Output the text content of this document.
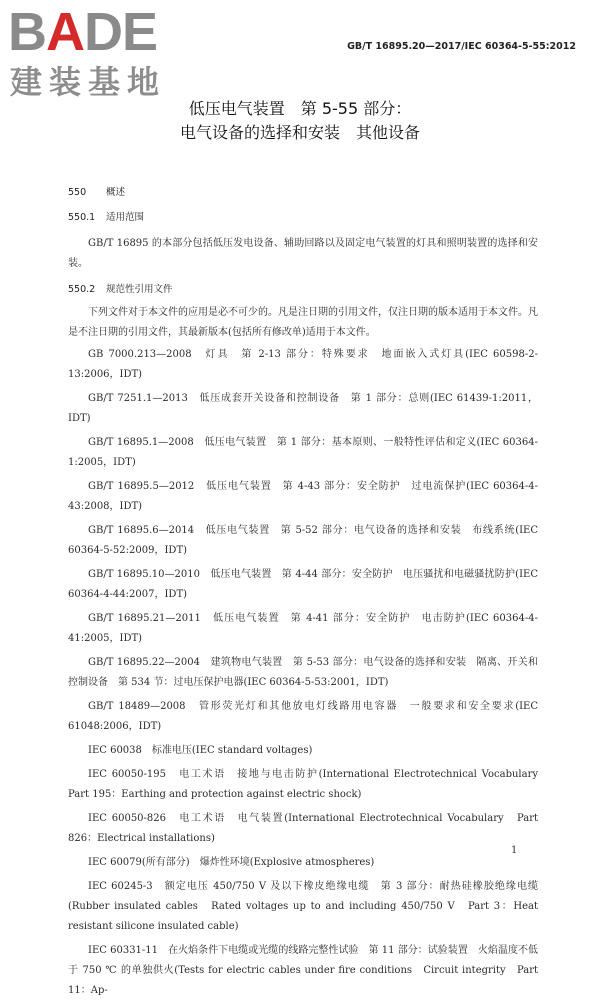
BADE
建装基地
GB/T 16895.20—2017/IEC 60364-5-55:2012
低压电气装置　第 5-55 部分：
电气设备的选择和安装　其他设备
550 概述
550.1 适用范围

GB/T 16895 的本部分包括低压发电设备、辅助回路以及固定电气装置的灯具和照明装置的选择和安装。

550.2 规范性引用文件

下列文件对于本文件的应用是必不可少的。凡是注日期的引用文件，仅注日期的版本适用于本文件。凡是不注日期的引用文件，其最新版本(包括所有修改单)适用于本文件。

GB 7000.213—2008　灯具　第 2-13 部分：特殊要求　地面嵌入式灯具(IEC 60598-2-13:2006，IDT)

GB/T 7251.1—2013　低压成套开关设备和控制设备　第 1 部分：总则(IEC 61439-1:2011，IDT)

GB/T 16895.1—2008　低压电气装置　第 1 部分：基本原则、一般特性评估和定义(IEC 60364-1:2005，IDT)

GB/T 16895.5—2012　低压电气装置　第 4-43 部分：安全防护　过电流保护(IEC 60364-4-43:2008，IDT)

GB/T 16895.6—2014　低压电气装置　第 5-52 部分：电气设备的选择和安装　布线系统(IEC 60364-5-52:2009，IDT)

GB/T 16895.10—2010　低压电气装置　第 4-44 部分：安全防护　电压骚扰和电磁骚扰防护(IEC 60364-4-44:2007，IDT)

GB/T 16895.21—2011　低压电气装置　第 4-41 部分：安全防护　电击防护(IEC 60364-4-41:2005，IDT)

GB/T 16895.22—2004　建筑物电气装置　第 5-53 部分：电气设备的选择和安装　隔离、开关和控制设备　第 534 节：过电压保护电器(IEC 60364-5-53:2001，IDT)

GB/T 18489—2008　管形荧光灯和其他放电灯线路用电容器　一般要求和安全要求(IEC 61048:2006，IDT)

IEC 60038　标准电压(IEC standard voltages)

IEC 60050-195　电工术语　接地与电击防护(International Electrotechnical Vocabulary　Part 195：Earthing and protection against electric shock)

IEC 60050-826　电工术语　电气装置(International Electrotechnical Vocabulary　Part 826：Electrical installations)

IEC 60079(所有部分)　爆炸性环境(Explosive atmospheres)

IEC 60245-3　额定电压 450/750 V 及以下橡皮绝缘电缆　第 3 部分：耐热硅橡胶绝缘电缆(Rubber insulated cables　Rated voltages up to and including 450/750 V　Part 3：Heat resistant silicone insulated cable)

IEC 60331-11　在火焰条件下电缆或光缆的线路完整性试验　第 11 部分：试验装置　火焰温度不低于 750 ℃ 的单独供火(Tests for electric cables under fire conditions　Circuit integrity　Part 11：Ap-

1
